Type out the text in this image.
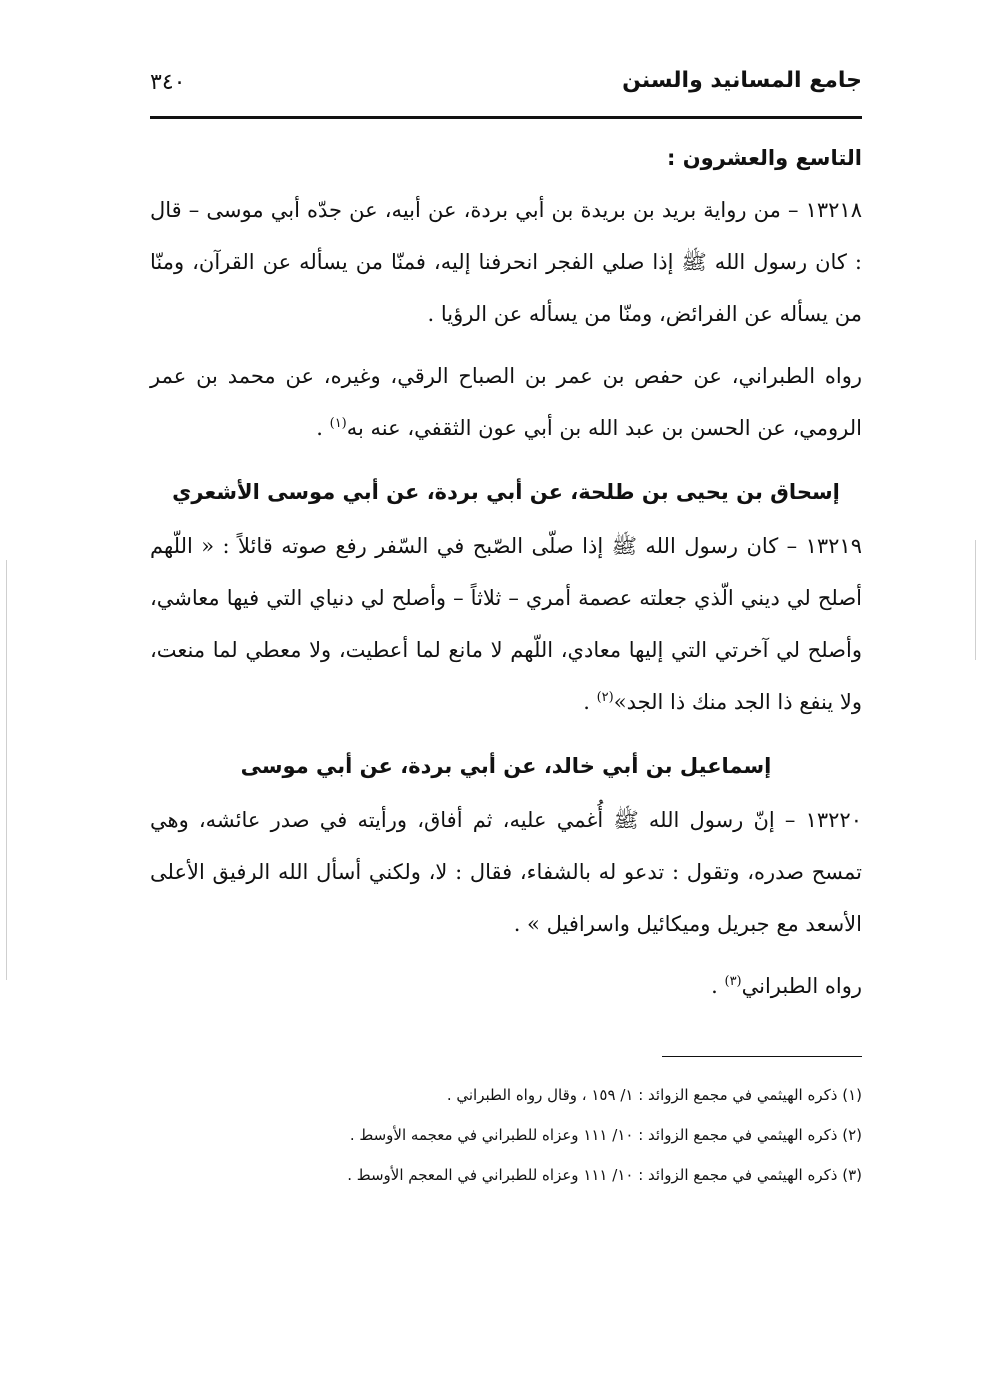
جامع المسانيد والسنن
٣٤٠
التاسع والعشرون :

١٣٢١٨ – من رواية بريد بن بريدة بن أبي بردة، عن أبيه، عن جدّه أبي موسى – قال : كان رسول الله ﷺ إذا صلي الفجر انحرفنا إليه، فمنّا من يسأله عن القرآن، ومنّا من يسأله عن الفرائض، ومنّا من يسأله عن الرؤيا .

رواه الطبراني، عن حفص بن عمر بن الصباح الرقي، وغيره، عن محمد بن عمر الرومي، عن الحسن بن عبد الله بن أبي عون الثقفي، عنه به$^{(١)}$ .

إسحاق بن يحيى بن طلحة، عن أبي بردة، عن أبي موسى الأشعري

١٣٢١٩ – كان رسول الله ﷺ إذا صلّى الصّبح في السّفر رفع صوته قائلاً : « اللّهم أصلح لي ديني الّذي جعلته عصمة أمري – ثلاثاً – وأصلح لي دنياي التي فيها معاشي، وأصلح لي آخرتي التي إليها معادي، اللّهم لا مانع لما أعطيت، ولا معطي لما منعت، ولا ينفع ذا الجد منك ذا الجد»$^{(٢)}$ .

إسماعيل بن أبي خالد، عن أبي بردة، عن أبي موسى

١٣٢٢٠ – إنّ رسول الله ﷺ أُغمي عليه، ثم أفاق، ورأيته في صدر عائشه، وهي تمسح صدره، وتقول : تدعو له بالشفاء، فقال : لا، ولكني أسأل الله الرفيق الأعلى الأسعد مع جبريل وميكائيل واسرافيل » .

رواه الطبراني$^{(٣)}$ .

(١) ذكره الهيثمي في مجمع الزوائد : ١/ ١٥٩ ، وقال رواه الطبراني .

(٢) ذكره الهيثمي في مجمع الزوائد : ١٠/ ١١١ وعزاه للطبراني في معجمه الأوسط .

(٣) ذكره الهيثمي في مجمع الزوائد : ١٠/ ١١١ وعزاه للطبراني في المعجم الأوسط .
